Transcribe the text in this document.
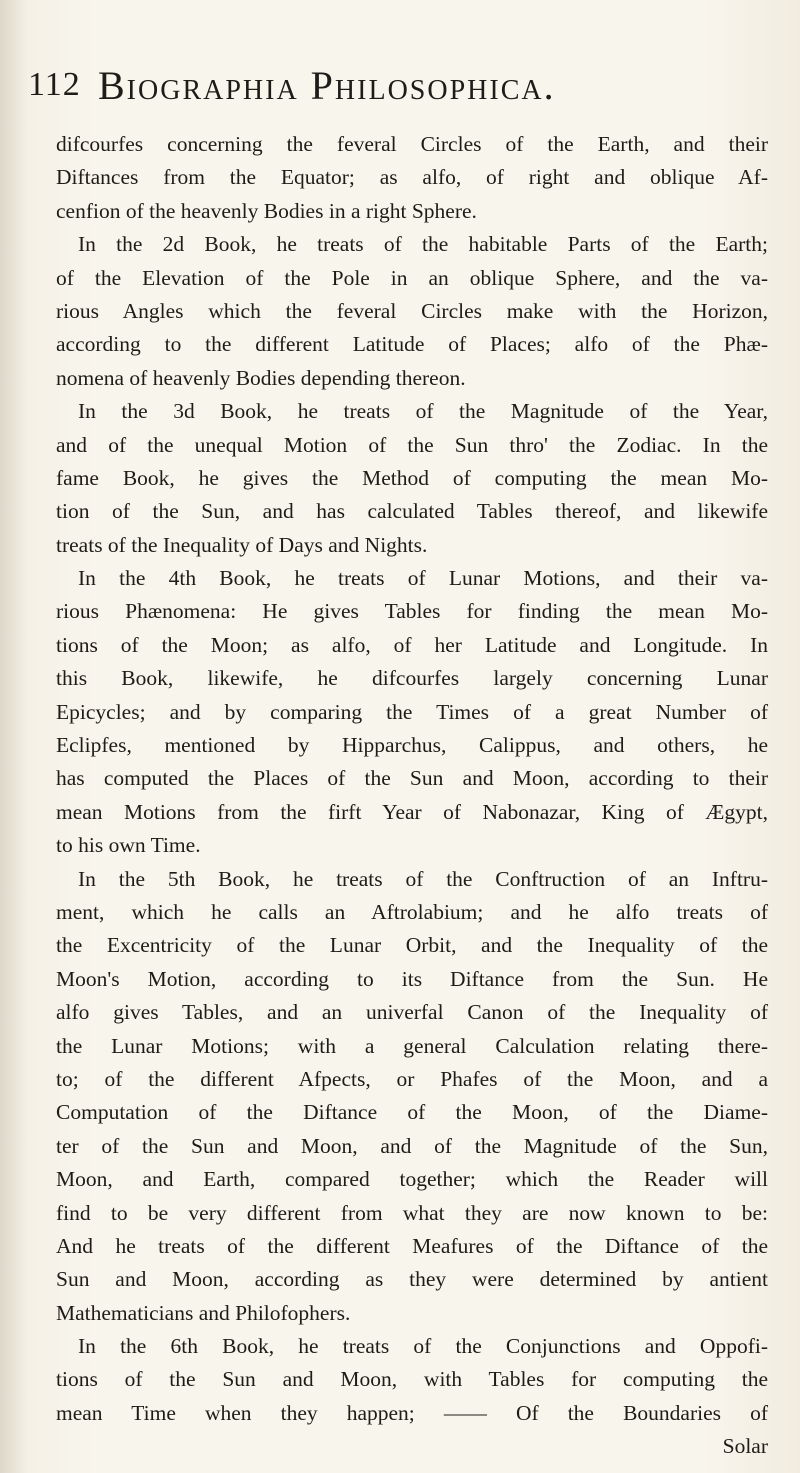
112 Biographia Philosophica.
difcourfes concerning the feveral Circles of the Earth, and their
Diftances from the Equator; as alfo, of right and oblique Af-
cenfion of the heavenly Bodies in a right Sphere.
In the 2d Book, he treats of the habitable Parts of the Earth;
of the Elevation of the Pole in an oblique Sphere, and the va-
rious Angles which the feveral Circles make with the Horizon,
according to the different Latitude of Places; alfo of the Phæ-
nomena of heavenly Bodies depending thereon.
In the 3d Book, he treats of the Magnitude of the Year,
and of the unequal Motion of the Sun thro' the Zodiac. In the
fame Book, he gives the Method of computing the mean Mo-
tion of the Sun, and has calculated Tables thereof, and likewife
treats of the Inequality of Days and Nights.
In the 4th Book, he treats of Lunar Motions, and their va-
rious Phænomena: He gives Tables for finding the mean Mo-
tions of the Moon; as alfo, of her Latitude and Longitude. In
this Book, likewife, he difcourfes largely concerning Lunar
Epicycles; and by comparing the Times of a great Number of
Eclipfes, mentioned by Hipparchus, Calippus, and others, he
has computed the Places of the Sun and Moon, according to their
mean Motions from the firft Year of Nabonazar, King of Ægypt,
to his own Time.
In the 5th Book, he treats of the Conftruction of an Inftru-
ment, which he calls an Aftrolabium; and he alfo treats of
the Excentricity of the Lunar Orbit, and the Inequality of the
Moon's Motion, according to its Diftance from the Sun. He
alfo gives Tables, and an univerfal Canon of the Inequality of
the Lunar Motions; with a general Calculation relating there-
to; of the different Afpects, or Phafes of the Moon, and a
Computation of the Diftance of the Moon, of the Diame-
ter of the Sun and Moon, and of the Magnitude of the Sun,
Moon, and Earth, compared together; which the Reader will
find to be very different from what they are now known to be:
And he treats of the different Meafures of the Diftance of the
Sun and Moon, according as they were determined by antient
Mathematicians and Philofophers.
In the 6th Book, he treats of the Conjunctions and Oppofi-
tions of the Sun and Moon, with Tables for computing the
mean Time when they happen; —— Of the Boundaries of
Solar
